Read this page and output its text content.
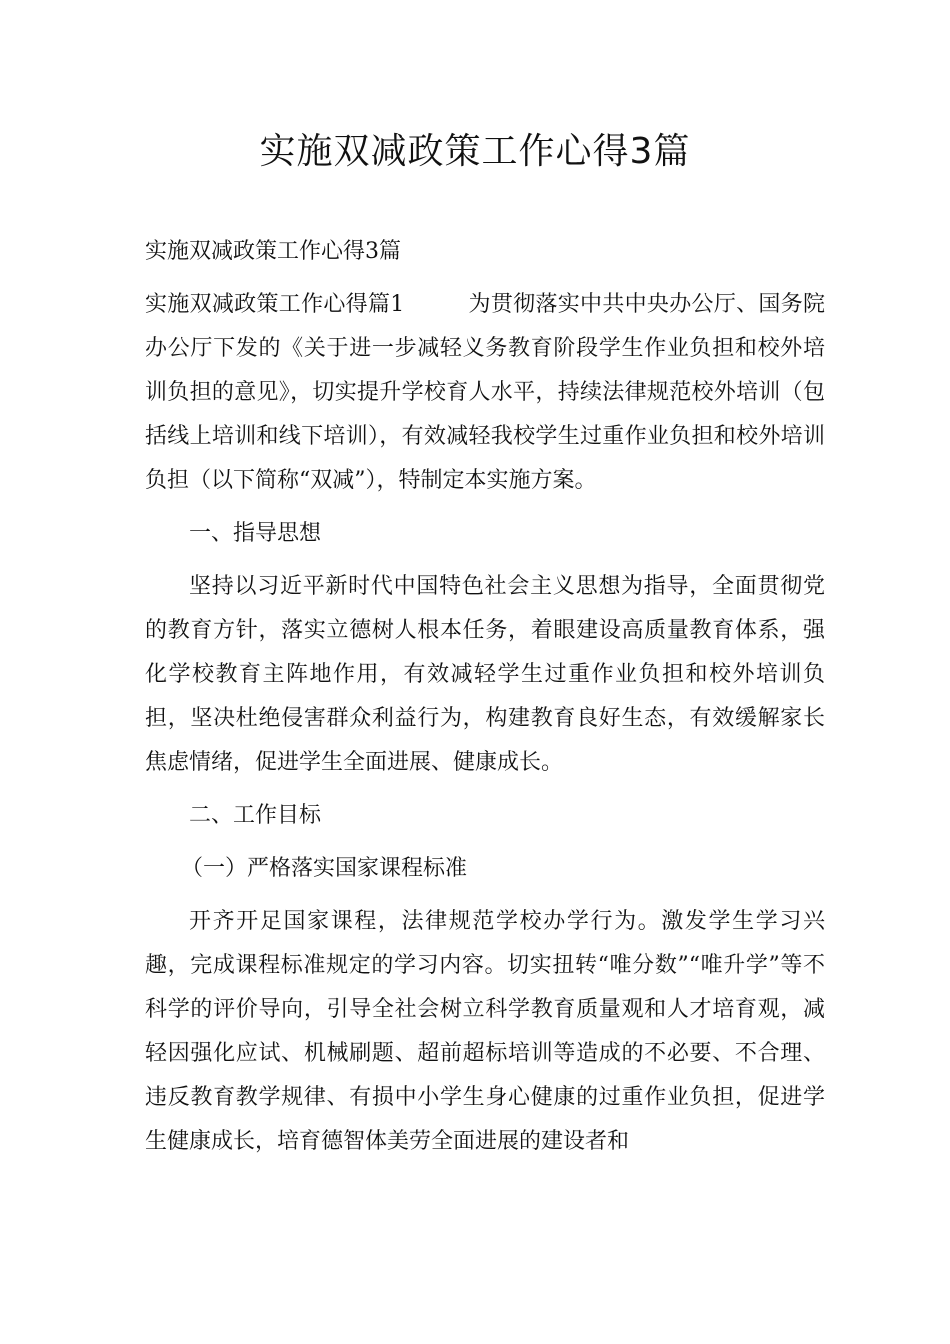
实施双减政策工作心得3篇

实施双减政策工作心得3篇

实施双减政策工作心得篇1	为贯彻落实中共中央办公厅、国务院办公厅下发的《关于进一步减轻义务教育阶段学生作业负担和校外培训负担的意见》，切实提升学校育人水平，持续法律规范校外培训（包括线上培训和线下培训），有效减轻我校学生过重作业负担和校外培训负担（以下简称“双减”），特制定本实施方案。

一、指导思想

坚持以习近平新时代中国特色社会主义思想为指导，全面贯彻党的教育方针，落实立德树人根本任务，着眼建设高质量教育体系，强化学校教育主阵地作用，有效减轻学生过重作业负担和校外培训负担，坚决杜绝侵害群众利益行为，构建教育良好生态，有效缓解家长焦虑情绪，促进学生全面进展、健康成长。

二、工作目标

（一）严格落实国家课程标准

开齐开足国家课程，法律规范学校办学行为。激发学生学习兴趣，完成课程标准规定的学习内容。切实扭转“唯分数”“唯升学”等不科学的评价导向，引导全社会树立科学教育质量观和人才培育观，减轻因强化应试、机械刷题、超前超标培训等造成的不必要、不合理、违反教育教学规律、有损中小学生身心健康的过重作业负担，促进学生健康成长，培育德智体美劳全面进展的建设者和
